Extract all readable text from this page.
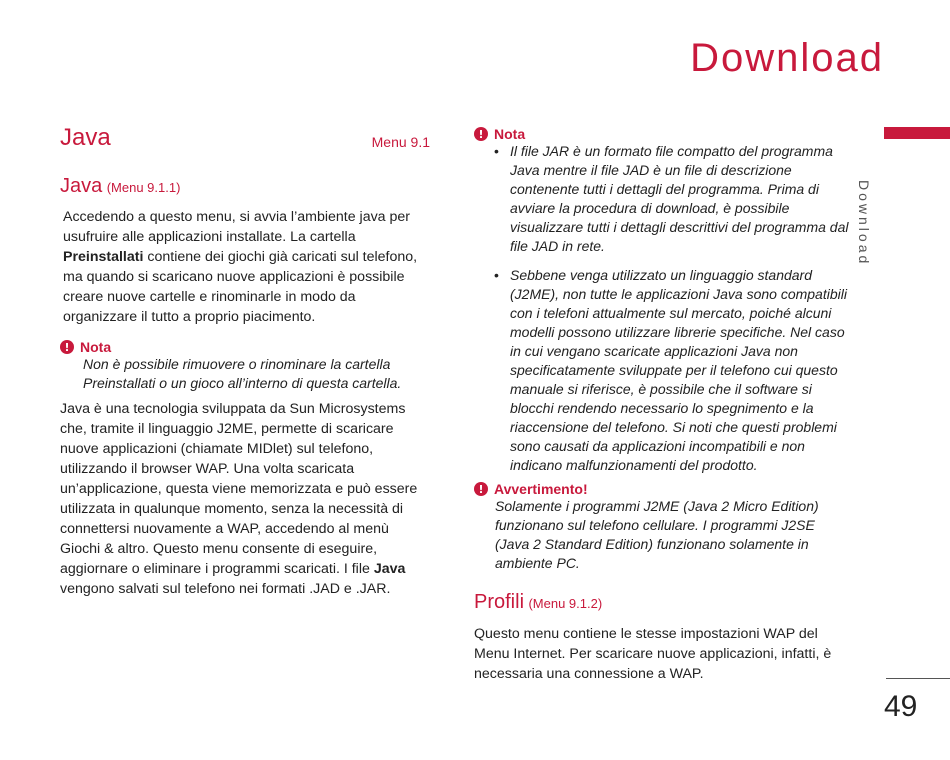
Download
Download
49
Java	Menu 9.1
Java (Menu 9.1.1)
Accedendo a questo menu, si avvia l’ambiente java per usufruire alle applicazioni installate. La cartella Preinstallati contiene dei giochi già caricati sul telefono, ma quando si scaricano nuove applicazioni è possibile creare nuove cartelle e rinominarle in modo da organizzare il tutto a proprio piacimento.
! Nota
Non è possibile rimuovere o rinominare la cartella Preinstallati o un gioco all’interno di questa cartella.
Java è una tecnologia sviluppata da Sun Microsystems che, tramite il linguaggio J2ME, permette di scaricare nuove applicazioni (chiamate MIDlet) sul telefono, utilizzando il browser WAP. Una volta scaricata un’applicazione, questa viene memorizzata e può essere utilizzata in qualunque momento, senza la necessità di connettersi nuovamente a WAP, accedendo al menù Giochi & altro. Questo menu consente di eseguire, aggiornare o eliminare i programmi scaricati. I file Java vengono salvati sul telefono nei formati .JAD e .JAR.
! Nota
• Il file JAR è un formato file compatto del programma Java mentre il file JAD è un file di descrizione contenente tutti i dettagli del programma. Prima di avviare la procedura di download, è possibile visualizzare tutti i dettagli descrittivi del programma dal file JAD in rete.
• Sebbene venga utilizzato un linguaggio standard (J2ME), non tutte le applicazioni Java sono compatibili con i telefoni attualmente sul mercato, poiché alcuni modelli possono utilizzare librerie specifiche. Nel caso in cui vengano scaricate applicazioni Java non specificatamente sviluppate per il telefono cui questo manuale si riferisce, è possibile che il software si blocchi rendendo necessario lo spegnimento e la riaccensione del telefono. Si noti che questi problemi sono causati da applicazioni incompatibili e non indicano malfunzionamenti del prodotto.
! Avvertimento!
Solamente i programmi J2ME (Java 2 Micro Edition) funzionano sul telefono cellulare. I programmi J2SE (Java 2 Standard Edition) funzionano solamente in ambiente PC.
Profili (Menu 9.1.2)
Questo menu contiene le stesse impostazioni WAP del Menu Internet. Per scaricare nuove applicazioni, infatti, è necessaria una connessione a WAP.
